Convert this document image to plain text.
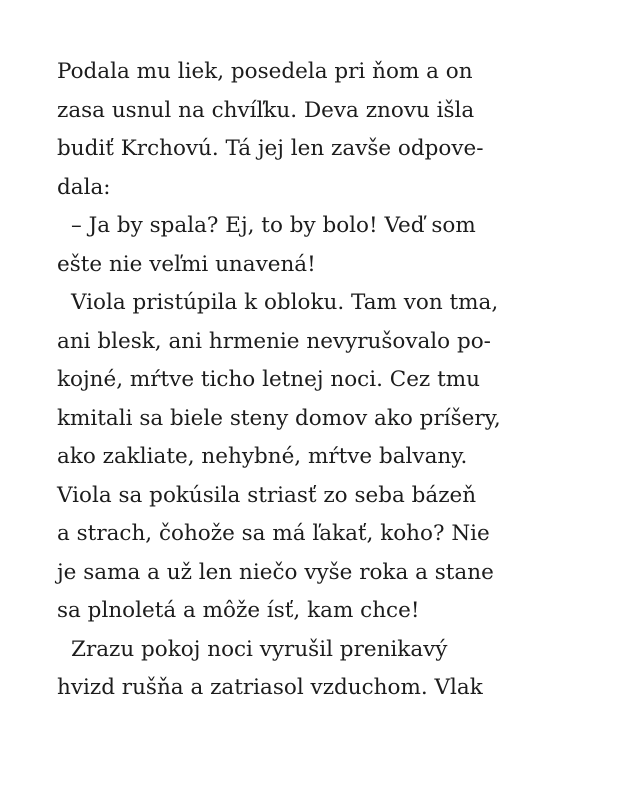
Podala mu liek, posedela pri ňom a on
zasa usnul na chvíľku. Deva znovu išla
budiť Krchovú. Tá jej len zavše odpove-
dala:
– Ja by spala? Ej, to by bolo! Veď som
ešte nie veľmi unavená!
Viola pristúpila k obloku. Tam von tma,
ani blesk, ani hrmenie nevyrušovalo po-
kojné, mŕtve ticho letnej noci. Cez tmu
kmitali sa biele steny domov ako príšery,
ako zakliate, nehybné, mŕtve balvany.
Viola sa pokúsila striasť zo seba bázeň
a strach, čohože sa má ľakať, koho? Nie
je sama a už len niečo vyše roka a stane
sa plnoletá a môže ísť, kam chce!
Zrazu pokoj noci vyrušil prenikavý
hvizd rušňa a zatriasol vzduchom. Vlak
